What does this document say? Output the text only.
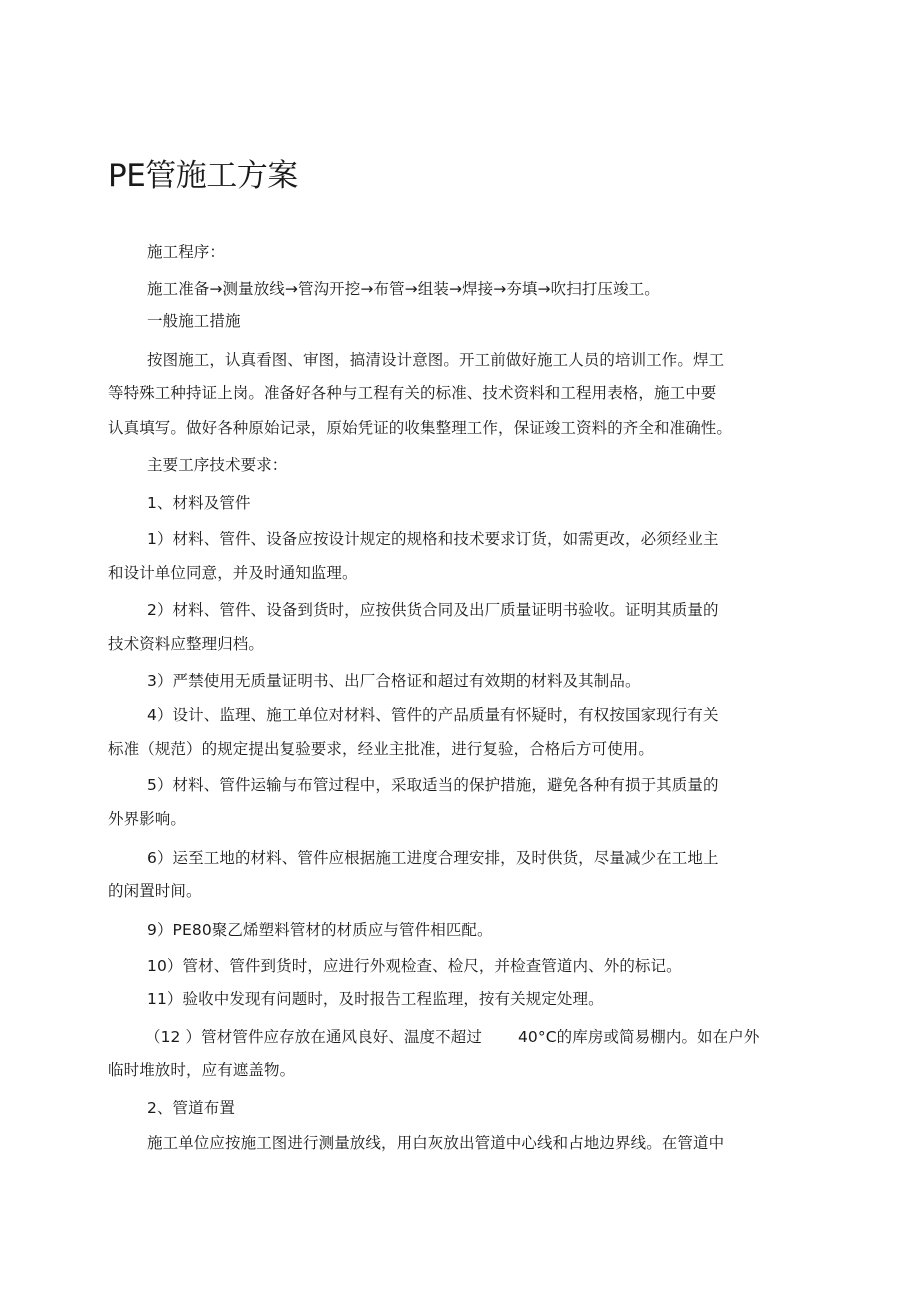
PE管施工方案
施工程序：
施工准备→测量放线→管沟开挖→布管→组装→焊接→夯填→吹扫打压竣工。
一般施工措施
按图施工，认真看图、审图，搞清设计意图。开工前做好施工人员的培训工作。焊工
等特殊工种持证上岗。准备好各种与工程有关的标准、技术资料和工程用表格，施工中要
认真填写。做好各种原始记录，原始凭证的收集整理工作，保证竣工资料的齐全和准确性。
主要工序技术要求：
1、材料及管件
1）材料、管件、设备应按设计规定的规格和技术要求订货，如需更改，必须经业主
和设计单位同意，并及时通知监理。
2）材料、管件、设备到货时，应按供货合同及出厂质量证明书验收。证明其质量的
技术资料应整理归档。
3）严禁使用无质量证明书、出厂合格证和超过有效期的材料及其制品。
4）设计、监理、施工单位对材料、管件的产品质量有怀疑时，有权按国家现行有关
标准（规范）的规定提出复验要求，经业主批准，进行复验，合格后方可使用。
5）材料、管件运输与布管过程中，采取适当的保护措施，避免各种有损于其质量的
外界影响。
6）运至工地的材料、管件应根据施工进度合理安排，及时供货，尽量减少在工地上
的闲置时间。
9）PE80聚乙烯塑料管材的材质应与管件相匹配。
10）管材、管件到货时，应进行外观检查、检尺，并检查管道内、外的标记。
11）验收中发现有问题时，及时报告工程监理，按有关规定处理。
（12 ）管材管件应存放在通风良好、温度不超过 40°C的库房或简易棚内。如在户外
临时堆放时，应有遮盖物。
2、管道布置
施工单位应按施工图进行测量放线，用白灰放出管道中心线和占地边界线。在管道中
